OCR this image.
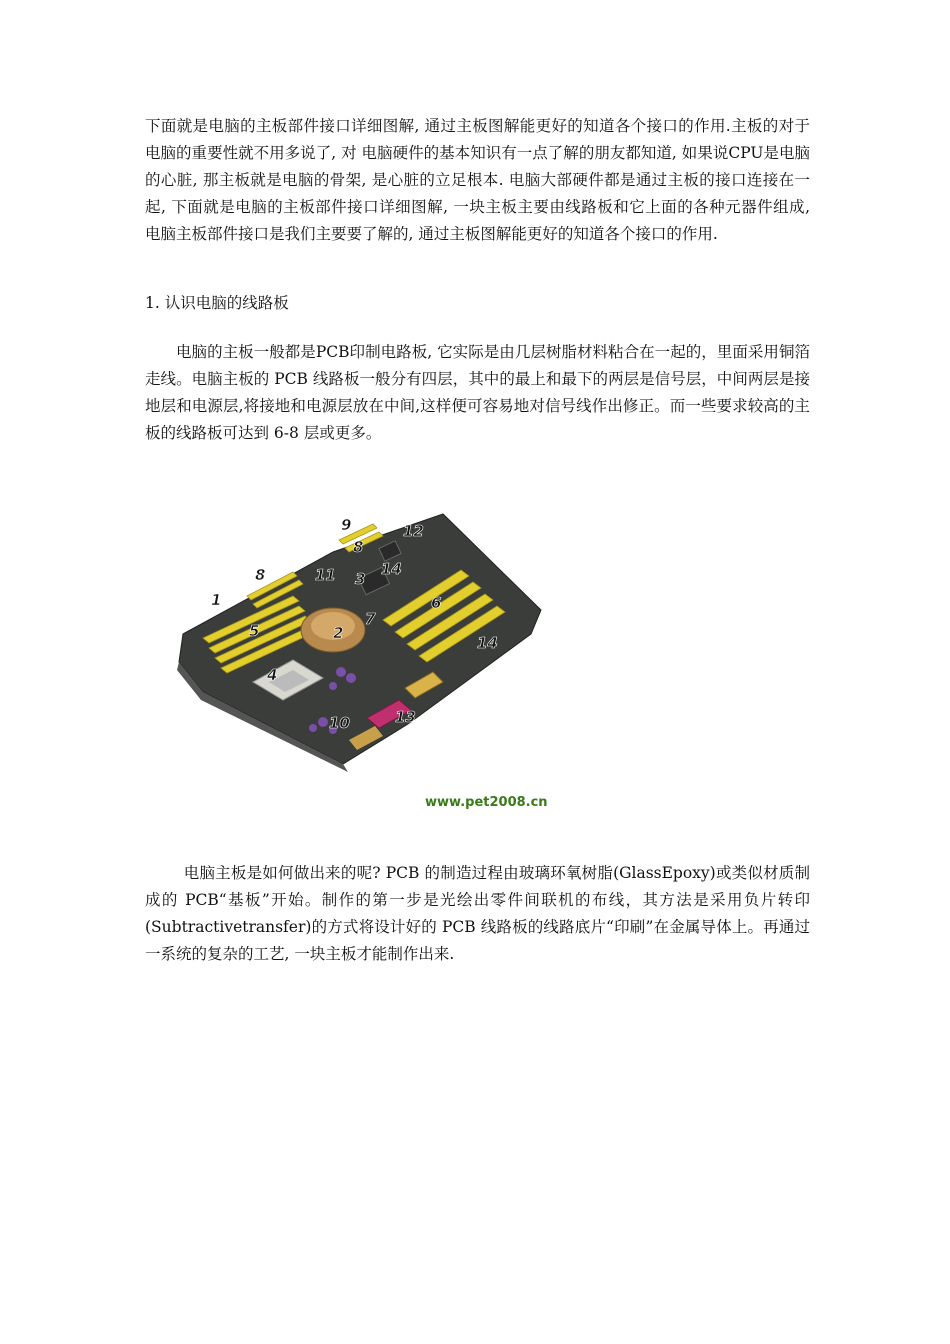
下面就是电脑的主板部件接口详细图解, 通过主板图解能更好的知道各个接口的作用.主板的对于电脑的重要性就不用多说了, 对 电脑硬件的基本知识有一点了解的朋友都知道, 如果说CPU是电脑的心脏, 那主板就是电脑的骨架, 是心脏的立足根本. 电脑大部硬件都是通过主板的接口连接在一起, 下面就是电脑的主板部件接口详细图解, 一块主板主要由线路板和它上面的各种元器件组成, 电脑主板部件接口是我们主要要了解的, 通过主板图解能更好的知道各个接口的作用.

1. 认识电脑的线路板

电脑的主板一般都是PCB印制电路板, 它实际是由几层树脂材料粘合在一起的，里面采用铜箔走线。电脑主板的 PCB 线路板一般分有四层，其中的最上和最下的两层是信号层，中间两层是接地层和电源层,将接地和电源层放在中间,这样便可容易地对信号线作出修正。而一些要求较高的主板的线路板可达到 6-8 层或更多。

1
2
3
4
5
6
7
8
8
9
10
11
12
13
14
14
www.pet2008.cn

电脑主板是如何做出来的呢? PCB 的制造过程由玻璃环氧树脂(GlassEpoxy)或类似材质制成的 PCB“基板”开始。制作的第一步是光绘出零件间联机的布线，其方法是采用负片转印(Subtractivetransfer)的方式将设计好的 PCB 线路板的线路底片“印刷”在金属导体上。再通过一系统的复杂的工艺, 一块主板才能制作出来.
